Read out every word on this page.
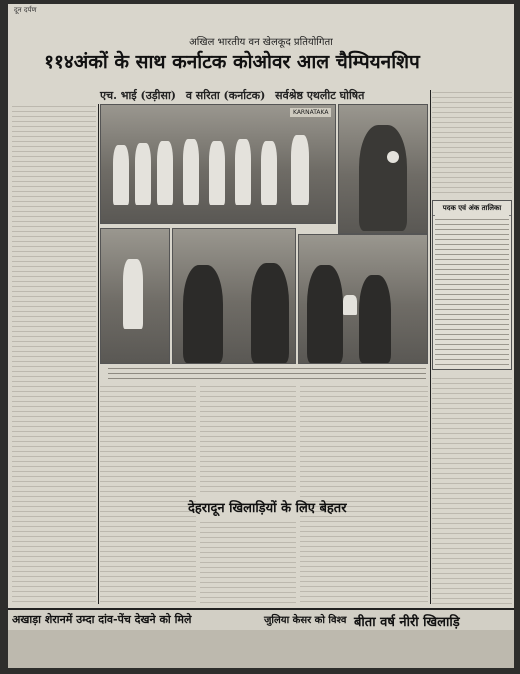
दून दर्पण
अखिल भारतीय वन खेलकूद प्रतियोगिता
११४अंकों के साथ कर्नाटक कोओवर आल चैम्पियनशिप
एच. भाई (उड़ीसा) व सरिता (कर्नाटक) सर्वश्रेष्ठ एथलीट घोषित
KARNATAKA
पदक एवं अंक तालिका
देहरादून खिलाड़ियों के लिए बेहतर
अखाड़ा शेरानमें उम्दा दांव-पेंच देखने को मिले	जुलिया केसर को विश्व बीता वर्ष नीरी खिलाड़ि
